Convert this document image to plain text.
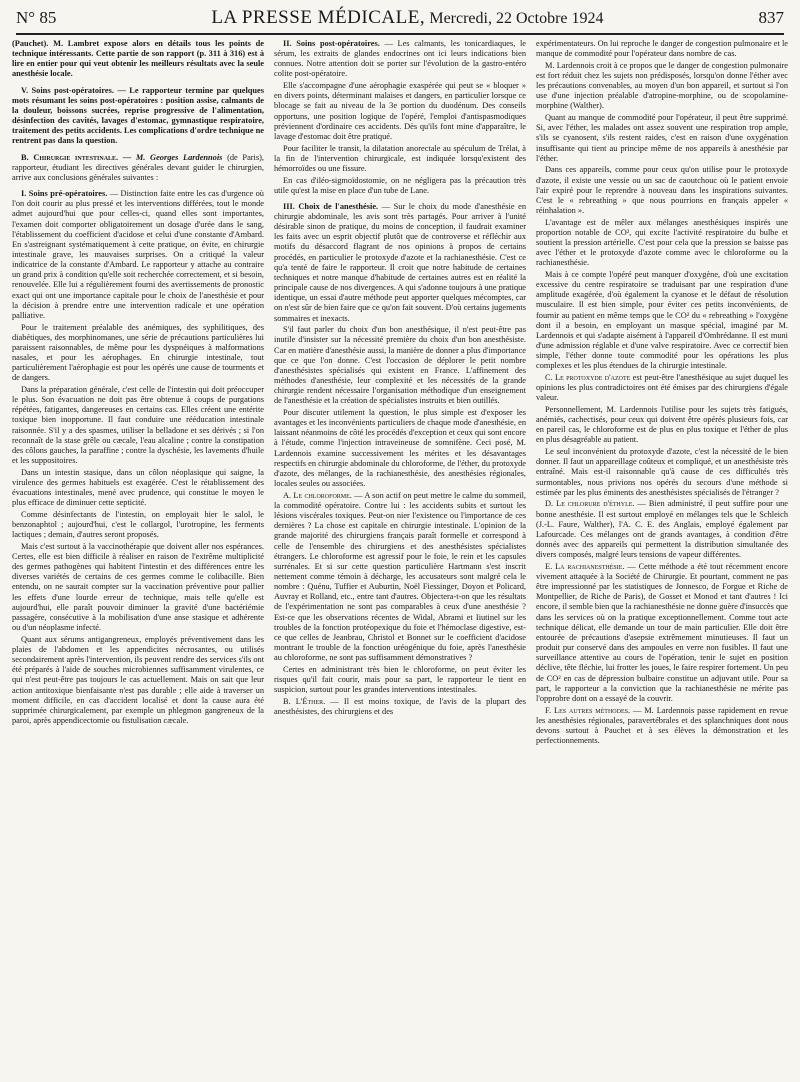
N° 85	LA PRESSE MÉDICALE, Mercredi, 22 Octobre 1924	837

(Pauchet). M. Lambret expose alors en détails tous les points de technique intéressants. Cette partie de son rapport (p. 311 à 316) est à lire en entier pour qui veut obtenir les meilleurs résultats avec la seule anesthésie locale.

V. Soins post-opératoires. — Le rapporteur termine par quelques mots résumant les soins post-opératoires : position assise, calmants de la douleur, boissons sucrées, reprise progressive de l'alimentation, désinfection des cavités, lavages d'estomac, gymnastique respiratoire, traitement des petits accidents. Les complications d'ordre technique ne rentrent pas dans la question.

B. Chirurgie intestinale. — M. Georges Lardennois (de Paris), rapporteur, étudiant les directives générales devant guider le chirurgien, arrive aux conclusions générales suivantes :

I. Soins pré-opératoires. — Distinction faite entre les cas d'urgence où l'on doit courir au plus pressé et les interventions différées, tout le monde admet aujourd'hui que pour celles-ci, quand elles sont importantes, l'examen doit comporter obligatoirement un dosage d'urée dans le sang, l'établissement du coefficient d'acidose et celui d'une constante d'Ambard. En s'astreignant systématiquement à cette pratique, on évite, en chirurgie intestinale grave, les mauvaises surprises. On a critiqué la valeur indicatrice de la constante d'Ambard. Le rapporteur y attache au contraire un grand prix à condition qu'elle soit recherchée correctement, et si besoin, renouvelée. Elle lui a régulièrement fourni des avertissements de pronostic exact qui ont une importance capitale pour le choix de l'anesthésie et pour la décision à prendre entre une intervention radicale et une opération palliative.

Pour le traitement préalable des anémiques, des syphilitiques, des diabétiques, des morphinomanes, une série de précautions particulières lui paraissent raisonnables, de même pour les dyspnéiques à malformations nasales, et pour les aérophages. En chirurgie intestinale, tout particulièrement l'aérophagie est pour les opérés une cause de tourments et de dangers.

Dans la préparation générale, c'est celle de l'intestin qui doit préoccuper le plus. Son évacuation ne doit pas être obtenue à coups de purgations répétées, fatigantes, dangereuses en certains cas. Elles créent une entérite toxique bien inopportune. Il faut conduire une rééducation intestinale raisonnée. S'il y a des spasmes, utiliser la belladone et ses dérivés ; si l'on reconnaît de la stase grêle ou cæcale, l'eau alcaline ; contre la constipation des côlons gauches, la paraffine ; contre la dyschésie, les lavements d'huile et les suppositoires.

Dans un intestin stasique, dans un côlon néoplasique qui saigne, la virulence des germes habituels est exagérée. C'est le rétablissement des évacuations intestinales, mené avec prudence, qui constitue le moyen le plus efficace de diminuer cette septicité.

Comme désinfectants de l'intestin, on employait hier le salol, le benzonaphtol ; aujourd'hui, c'est le collargol, l'urotropine, les ferments lactiques ; demain, d'autres seront proposés.

Mais c'est surtout à la vaccinothérapie que doivent aller nos espérances. Certes, elle est bien difficile à réaliser en raison de l'extrême multiplicité des germes pathogènes qui habitent l'intestin et des différences entre les diverses variétés de certains de ces germes comme le colibacille. Bien entendu, on ne saurait compter sur la vaccination préventive pour pallier les effets d'une lourde erreur de technique, mais telle qu'elle est aujourd'hui, elle paraît pouvoir diminuer la gravité d'une bactériémie passagère, consécutive à la mobilisation d'une anse stasique et adhérente ou d'un néoplasme infecté.

Quant aux sérums antigangreneux, employés préventivement dans les plaies de l'abdomen et les appendicites nécrosantes, ou utilisés secondairement après l'intervention, ils peuvent rendre des services s'ils ont été préparés à l'aide de souches microbiennes suffisamment virulentes, ce qui n'est peut-être pas toujours le cas actuellement. Mais on sait que leur action antitoxique bienfaisante n'est pas durable ; elle aide à traverser un moment difficile, en cas d'accident localisé et dont la cause aura été supprimée chirurgicalement, par exemple un phlegmon gangreneux de la paroi, après appendicectomie ou fistulisation cæcale.

II. Soins post-opératoires. — Les calmants, les tonicardiaques, le sérum, les extraits de glandes endocrines ont ici leurs indications bien connues. Notre attention doit se porter sur l'évolution de la gastro-entéro colite post-opératoire.

Elle s'accompagne d'une aérophagie exaspérée qui peut se « bloquer » en divers points, déterminant malaises et dangers, en particulier lorsque ce blocage se fait au niveau de la 3e portion du duodénum. Des conseils opportuns, une position logique de l'opéré, l'emploi d'antispasmodiques préviennent d'ordinaire ces accidents. Dès qu'ils font mine d'apparaître, le lavage d'estomac doit être pratiqué.

Pour faciliter le transit, la dilatation anorectale au spéculum de Trélat, à la fin de l'intervention chirurgicale, est indiquée lorsqu'existent des hémorroïdes ou une fissure.

En cas d'iléo-sigmoïdostomie, on ne négligera pas la précaution très utile qu'est la mise en place d'un tube de Lane.

III. Choix de l'anesthésie. — Sur le choix du mode d'anesthésie en chirurgie abdominale, les avis sont très partagés. Pour arriver à l'unité désirable sinon de pratique, du moins de conception, il faudrait examiner les faits avec un esprit objectif plutôt que de controverse et réfléchir aux motifs du désaccord flagrant de nos opinions à propos de certains procédés, en particulier le protoxyde d'azote et la rachianesthésie. C'est ce qu'a tenté de faire le rapporteur. Il croit que notre habitude de certaines techniques et notre manque d'habitude de certaines autres est en réalité la principale cause de nos divergences. A qui s'adonne toujours à une pratique identique, un essai d'autre méthode peut apporter quelques mécomptes, car on n'est sûr de bien faire que ce qu'on fait souvent. D'où certains jugements sommaires et inexacts.

S'il faut parler du choix d'un bon anesthésique, il n'est peut-être pas inutile d'insister sur la nécessité première du choix d'un bon anesthésiste. Car en matière d'anesthésie aussi, la manière de donner a plus d'importance que ce que l'on donne. C'est l'occasion de déplorer le petit nombre d'anesthésistes spécialisés qui existent en France. L'affinement des méthodes d'anesthésie, leur complexité et les nécessités de la grande chirurgie rendent nécessaire l'organisation méthodique d'un enseignement de l'anesthésie et la création de spécialistes instruits et bien outillés.

Pour discuter utilement la question, le plus simple est d'exposer les avantages et les inconvénients particuliers de chaque mode d'anesthésie, en laissant néanmoins de côté les procédés d'exception et ceux qui sont encore à l'étude, comme l'injection intraveineuse de somnifène. Ceci posé, M. Lardennois examine successivement les mérites et les désavantages respectifs en chirurgie abdominale du chloroforme, de l'éther, du protoxyde d'azote, des mélanges, de la rachianesthésie, des anesthésies régionales, locales seules ou associées.

A. Le chloroforme. — A son actif on peut mettre le calme du sommeil, la commodité opératoire. Contre lui : les accidents subits et surtout les lésions viscérales toxiques. Peut-on nier l'existence ou l'importance de ces dernières ? La chose est capitale en chirurgie intestinale. L'opinion de la grande majorité des chirurgiens français paraît formelle et correspond à celle de l'ensemble des chirurgiens et des anesthésistes spécialistes étrangers. Le chloroforme est agressif pour le foie, le rein et les capsules surrénales. Et si sur cette question particulière Hartmann s'est inscrit nettement comme témoin à décharge, les accusateurs sont malgré cela le nombre : Quénu, Tuffier et Auburtin, Noël Fiessinger, Doyon et Policard, Auvray et Rolland, etc., entre tant d'autres. Objectera-t-on que les résultats de l'expérimentation ne sont pas comparables à ceux d'une anesthésie ? Est-ce que les observations récentes de Widal, Abrami et Iiutinel sur les troubles de la fonction protéopexique du foie et l'hémoclase digestive, est-ce que celles de Jeanbrau, Christol et Bonnet sur le coefficient d'acidose montrant le trouble de la fonction uréogénique du foie, après l'anesthésie au chloroforme, ne sont pas suffisamment démonstratives ?

Certes en administrant très bien le chloroforme, on peut éviter les risques qu'il fait courir, mais pour sa part, le rapporteur le tient en suspicion, surtout pour les grandes interventions intestinales.

B. L'Éther. — Il est moins toxique, de l'avis de la plupart des anesthésistes, des chirurgiens et des

expérimentateurs. On lui reproche le danger de congestion pulmonaire et le manque de commodité pour l'opérateur dans nombre de cas.

M. Lardennois croit à ce propos que le danger de congestion pulmonaire est fort réduit chez les sujets non prédisposés, lorsqu'on donne l'éther avec les précautions convenables, au moyen d'un bon appareil, et surtout si l'on use d'une injection préalable d'atropine-morphine, ou de scopolamine-morphine (Walther).

Quant au manque de commodité pour l'opérateur, il peut être supprimé. Si, avec l'éther, les malades ont assez souvent une respiration trop ample, s'ils se cyanosent, s'ils restent raides, c'est en raison d'une oxygénation insuffisante qui tient au principe même de nos appareils à anesthésie par l'éther.

Dans ces appareils, comme pour ceux qu'on utilise pour le protoxyde d'azote, il existe une vessie ou un sac de caoutchouc où le patient envoie l'air expiré pour le reprendre à nouveau dans les inspirations suivantes. C'est le « rebreathing » que nous pourrions en français appeler « réinhalation ».

L'avantage est de mêler aux mélanges anesthésiques inspirés une proportion notable de CO², qui excite l'activité respiratoire du bulbe et soutient la pression artérielle. C'est pour cela que la pression se baisse pas avec l'éther et le protoxyde d'azote comme avec le chloroforme ou la rachianesthésie.

Mais à ce compte l'opéré peut manquer d'oxygène, d'où une excitation excessive du centre respiratoire se traduisant par une respiration d'une amplitude exagérée, d'où également la cyanose et le défaut de résolution musculaire. Il est bien simple, pour éviter ces petits inconvénients, de fournir au patient en même temps que le CO² du « rebreathing » l'oxygène dont il a besoin, en employant un masque spécial, imaginé par M. Lardennois et qui s'adapte aisément à l'appareil d'Ombrédanne. Il est muni d'une admission réglable et d'une valve respiratoire. Avec ce correctif bien simple, l'éther donne toute commodité pour les opérations les plus complexes et les plus étendues de la chirurgie intestinale.

C. Le protoxyde d'azote est peut-être l'anesthésique au sujet duquel les opinions les plus contradictoires ont été émises par des chirurgiens d'égale valeur.

Personnellement, M. Lardennois l'utilise pour les sujets très fatigués, anémiés, cachectisés, pour ceux qui doivent être opérés plusieurs fois, car en pareil cas, le chloroforme est de plus en plus toxique et l'éther de plus en plus désagréable au patient.

Le seul inconvénient du protoxyde d'azote, c'est la nécessité de le bien donner. Il faut un appareillage coûteux et compliqué, et un anesthésiste très entraîné. Mais est-il raisonnable qu'à cause de ces difficultés très surmontables, nous privions nos opérés du secours d'une méthode si estimée par les plus éminents des anesthésistes spécialisés de l'étranger ?

D. Le chlorure d'éthyle. — Bien administré, il peut suffire pour une bonne anesthésie. Il est surtout employé en mélanges tels que le Schleich (J.-L. Faure, Walther), l'A. C. E. des Anglais, employé également par Lafourcade. Ces mélanges ont de grands avantages, à condition d'être donnés avec des appareils qui permettent la distribution simultanée des divers composés, malgré leurs tensions de vapeur différentes.

E. La rachianesthésie. — Cette méthode a été tout récemment encore vivement attaquée à la Société de Chirurgie. Et pourtant, comment ne pas être impressionné par les statistiques de Jonnesco, de Forgue et Riche de Montpellier, de Riche de Paris), de Gosset et Monod et tant d'autres ! Ici encore, il semble bien que la rachianesthésie ne donne guère d'insuccès que dans les services où on la pratique exceptionnellement. Comme tout acte technique délicat, elle demande un tour de main particulier. Elle doit être entourée de précautions d'asepsie extrêmement minutieuses. Il faut un produit pur conservé dans des ampoules en verre non fusibles. Il faut une surveillance attentive au cours de l'opération, tenir le sujet en position déclive, tête fléchie, lui frotter les joues, le faire respirer fortement. Un peu de CO² en cas de dépression bulbaire constitue un adjuvant utile. Pour sa part, le rapporteur a la conviction que la rachianesthésie ne mérite pas l'opprobre dont on a essayé de la couvrir.

F. Les autres méthodes. — M. Lardennois passe rapidement en revue les anesthésies régionales, paravertébrales et des splanchniques dont nous devons surtout à Pauchet et à ses élèves la démonstration et les perfectionnements.
